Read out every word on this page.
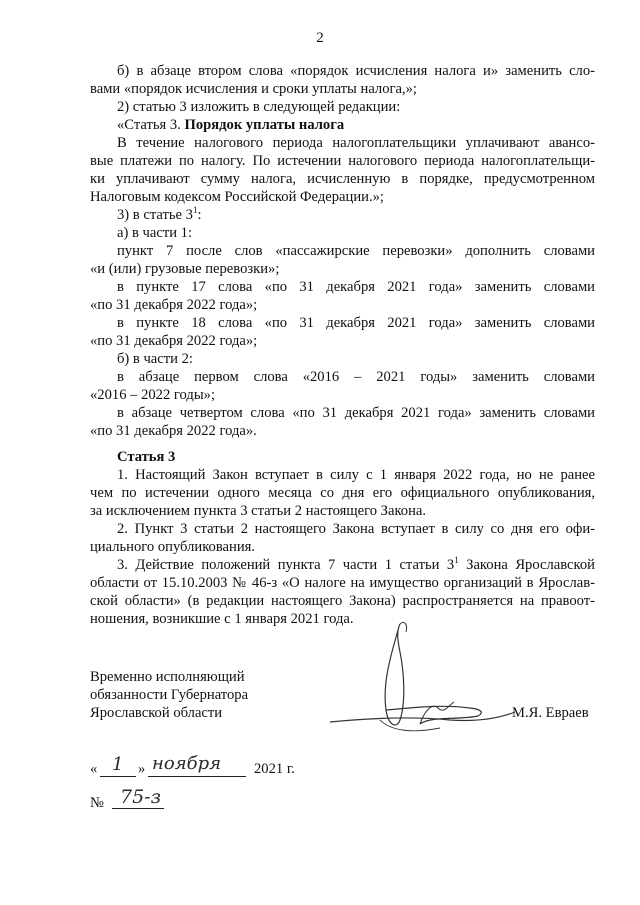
2
б) в абзаце втором слова «порядок исчисления налога и» заменить сло-
вами «порядок исчисления и сроки уплаты налога,»;
2) статью 3 изложить в следующей редакции:
«Статья 3. Порядок уплаты налога
В течение налогового периода налогоплательщики уплачивают авансо-
вые платежи по налогу. По истечении налогового периода налогоплательщи-
ки уплачивают сумму налога, исчисленную в порядке, предусмотренном
Налоговым кодексом Российской Федерации.»;
3) в статье $3^1$:
а) в части 1:
пункт 7 после слов «пассажирские перевозки» дополнить словами
«и (или) грузовые перевозки»;
в пункте 17 слова «по 31 декабря 2021 года» заменить словами
«по 31 декабря 2022 года»;
в пункте 18 слова «по 31 декабря 2021 года» заменить словами
«по 31 декабря 2022 года»;
б) в части 2:
в абзаце первом слова «2016 – 2021 годы» заменить словами
«2016 – 2022 годы»;
в абзаце четвертом слова «по 31 декабря 2021 года» заменить словами
«по 31 декабря 2022 года».
Статья 3
1. Настоящий Закон вступает в силу с 1 января 2022 года, но не ранее
чем по истечении одного месяца со дня его официального опубликования,
за исключением пункта 3 статьи 2 настоящего Закона.
2. Пункт 3 статьи 2 настоящего Закона вступает в силу со дня его офи-
циального опубликования.
3. Действие положений пункта 7 части 1 статьи $3^1$ Закона Ярославской
области от 15.10.2003 № 46-з «О налоге на имущество организаций в Ярослав-
ской области» (в редакции настоящего Закона) распространяется на правоот-
ношения, возникшие с 1 января 2021 года.
Временно исполняющий
обязанности Губернатора
Ярославской области	М.Я. Евраев
« 1 » ноября 2021 г.
№ 75-з
